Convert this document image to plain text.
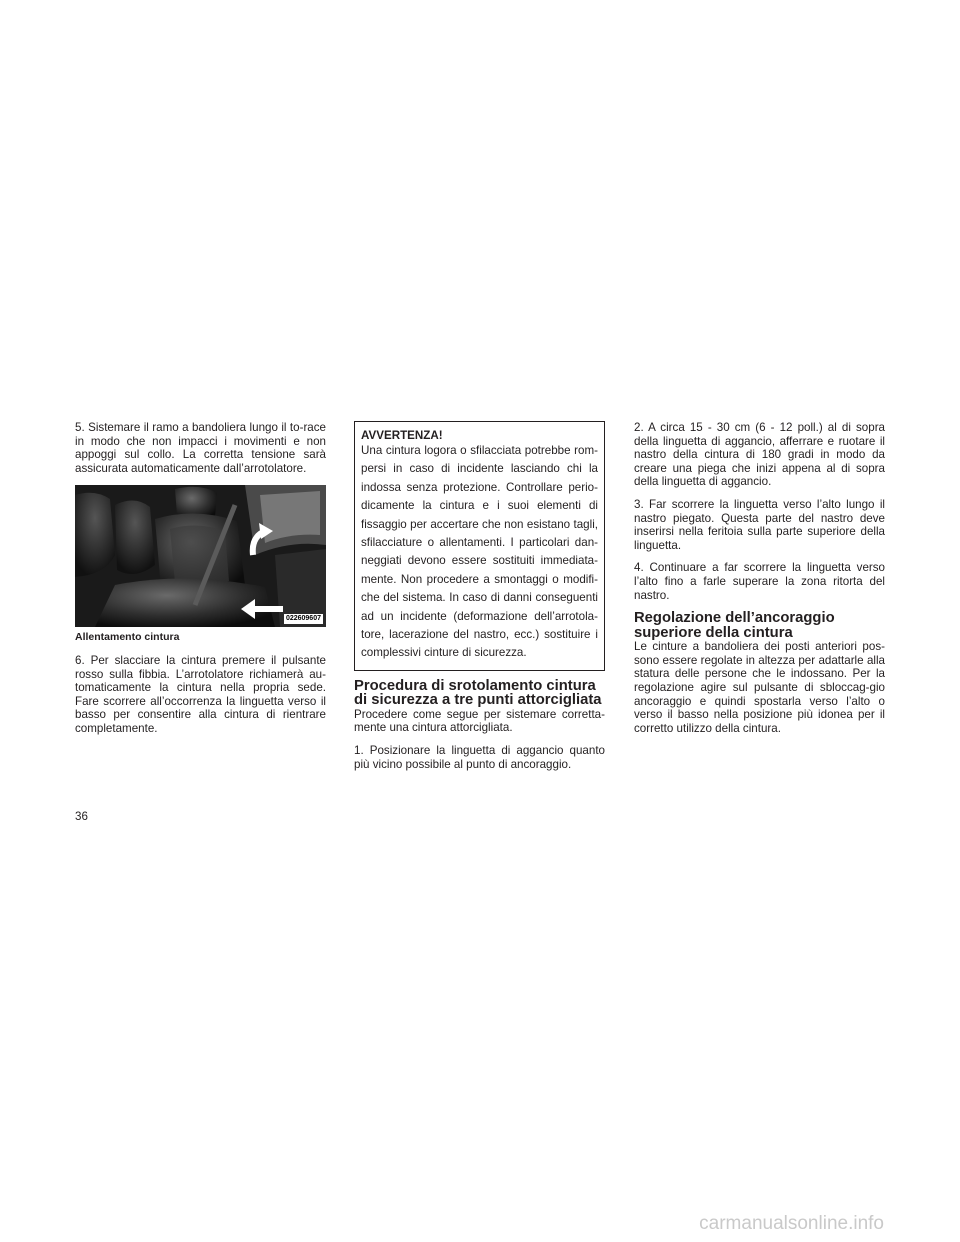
5. Sistemare il ramo a bandoliera lungo il to-race in modo che non impacci i movimenti e non appoggi sul collo. La corretta tensione sarà assicurata automaticamente dall’arrotolatore.

022609607

Allentamento cintura

6. Per slacciare la cintura premere il pulsante rosso sulla fibbia. L’arrotolatore richiamerà au-tomaticamente la cintura nella propria sede. Fare scorrere all’occorrenza la linguetta verso il basso per consentire alla cintura di rientrare completamente.

AVVERTENZA!
Una cintura logora o sfilacciata potrebbe rom-persi in caso di incidente lasciando chi la indossa senza protezione. Controllare perio-dicamente la cintura e i suoi elementi di fissaggio per accertare che non esistano tagli, sfilacciature o allentamenti. I particolari dan-neggiati devono essere sostituiti immediata-mente. Non procedere a smontaggi o modifi-che del sistema. In caso di danni conseguenti ad un incidente (deformazione dell’arrotola-tore, lacerazione del nastro, ecc.) sostituire i complessivi cinture di sicurezza.
Procedura di srotolamento cintura di sicurezza a tre punti attorcigliata

Procedere come segue per sistemare corretta-mente una cintura attorcigliata.

1. Posizionare la linguetta di aggancio quanto più vicino possibile al punto di ancoraggio.

2. A circa 15 - 30 cm (6 - 12 poll.) al di sopra della linguetta di aggancio, afferrare e ruotare il nastro della cintura di 180 gradi in modo da creare una piega che inizi appena al di sopra della linguetta di aggancio.

3. Far scorrere la linguetta verso l’alto lungo il nastro piegato. Questa parte del nastro deve inserirsi nella feritoia sulla parte superiore della linguetta.

4. Continuare a far scorrere la linguetta verso l’alto fino a farle superare la zona ritorta del nastro.

Regolazione dell’ancoraggio superiore della cintura

Le cinture a bandoliera dei posti anteriori pos-sono essere regolate in altezza per adattarle alla statura delle persone che le indossano. Per la regolazione agire sul pulsante di sbloccag-gio ancoraggio e quindi spostarla verso l’alto o verso il basso nella posizione più idonea per il corretto utilizzo della cintura.

36
carmanualsonline.info
